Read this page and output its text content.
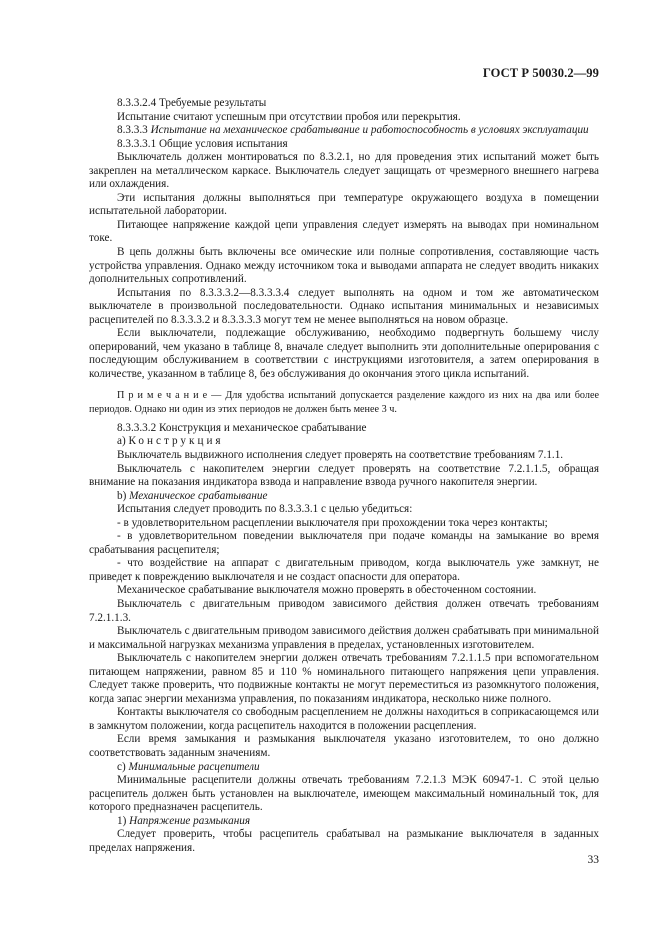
ГОСТ Р 50030.2—99

8.3.3.2.4 Требуемые результаты

Испытание считают успешным при отсутствии пробоя или перекрытия.

8.3.3.3 Испытание на механическое срабатывание и работоспособность в условиях эксплуатации

8.3.3.3.1 Общие условия испытания

Выключатель должен монтироваться по 8.3.2.1, но для проведения этих испытаний может быть закреплен на металлическом каркасе. Выключатель следует защищать от чрезмерного внешнего нагрева или охлаждения.

Эти испытания должны выполняться при температуре окружающего воздуха в помещении испытательной лаборатории.

Питающее напряжение каждой цепи управления следует измерять на выводах при номинальном токе.

В цепь должны быть включены все омические или полные сопротивления, составляющие часть устройства управления. Однако между источником тока и выводами аппарата не следует вводить никаких дополнительных сопротивлений.

Испытания по 8.3.3.3.2—8.3.3.3.4 следует выполнять на одном и том же автоматическом выключателе в произвольной последовательности. Однако испытания минимальных и независимых расцепителей по 8.3.3.3.2 и 8.3.3.3.3 могут тем не менее выполняться на новом образце.

Если выключатели, подлежащие обслуживанию, необходимо подвергнуть большему числу оперирований, чем указано в таблице 8, вначале следует выполнить эти дополнительные оперирования с последующим обслуживанием в соответствии с инструкциями изготовителя, а затем оперирования в количестве, указанном в таблице 8, без обслуживания до окончания этого цикла испытаний.

П р и м е ч а н и е — Для удобства испытаний допускается разделение каждого из них на два или более периодов. Однако ни один из этих периодов не должен быть менее 3 ч.

8.3.3.3.2 Конструкция и механическое срабатывание

a) Конструкция

Выключатель выдвижного исполнения следует проверять на соответствие требованиям 7.1.1.

Выключатель с накопителем энергии следует проверять на соответствие 7.2.1.1.5, обращая внимание на показания индикатора взвода и направление взвода ручного накопителя энергии.

b) Механическое срабатывание

Испытания следует проводить по 8.3.3.3.1 с целью убедиться:

- в удовлетворительном расцеплении выключателя при прохождении тока через контакты;

- в удовлетворительном поведении выключателя при подаче команды на замыкание во время срабатывания расцепителя;

- что воздействие на аппарат с двигательным приводом, когда выключатель уже замкнут, не приведет к повреждению выключателя и не создаст опасности для оператора.

Механическое срабатывание выключателя можно проверять в обесточенном состоянии.

Выключатель с двигательным приводом зависимого действия должен отвечать требованиям 7.2.1.1.3.

Выключатель с двигательным приводом зависимого действия должен срабатывать при минимальной и максимальной нагрузках механизма управления в пределах, установленных изготовителем.

Выключатель с накопителем энергии должен отвечать требованиям 7.2.1.1.5 при вспомогательном питающем напряжении, равном 85 и 110 % номинального питающего напряжения цепи управления. Следует также проверить, что подвижные контакты не могут переместиться из разомкнутого положения, когда запас энергии механизма управления, по показаниям индикатора, несколько ниже полного.

Контакты выключателя со свободным расцеплением не должны находиться в соприкасающемся или в замкнутом положении, когда расцепитель находится в положении расцепления.

Если время замыкания и размыкания выключателя указано изготовителем, то оно должно соответствовать заданным значениям.

c) Минимальные расцепители

Минимальные расцепители должны отвечать требованиям 7.2.1.3 МЭК 60947-1. С этой целью расцепитель должен быть установлен на выключателе, имеющем максимальный номинальный ток, для которого предназначен расцепитель.

1) Напряжение размыкания

Следует проверить, чтобы расцепитель срабатывал на размыкание выключателя в заданных пределах напряжения.

33
